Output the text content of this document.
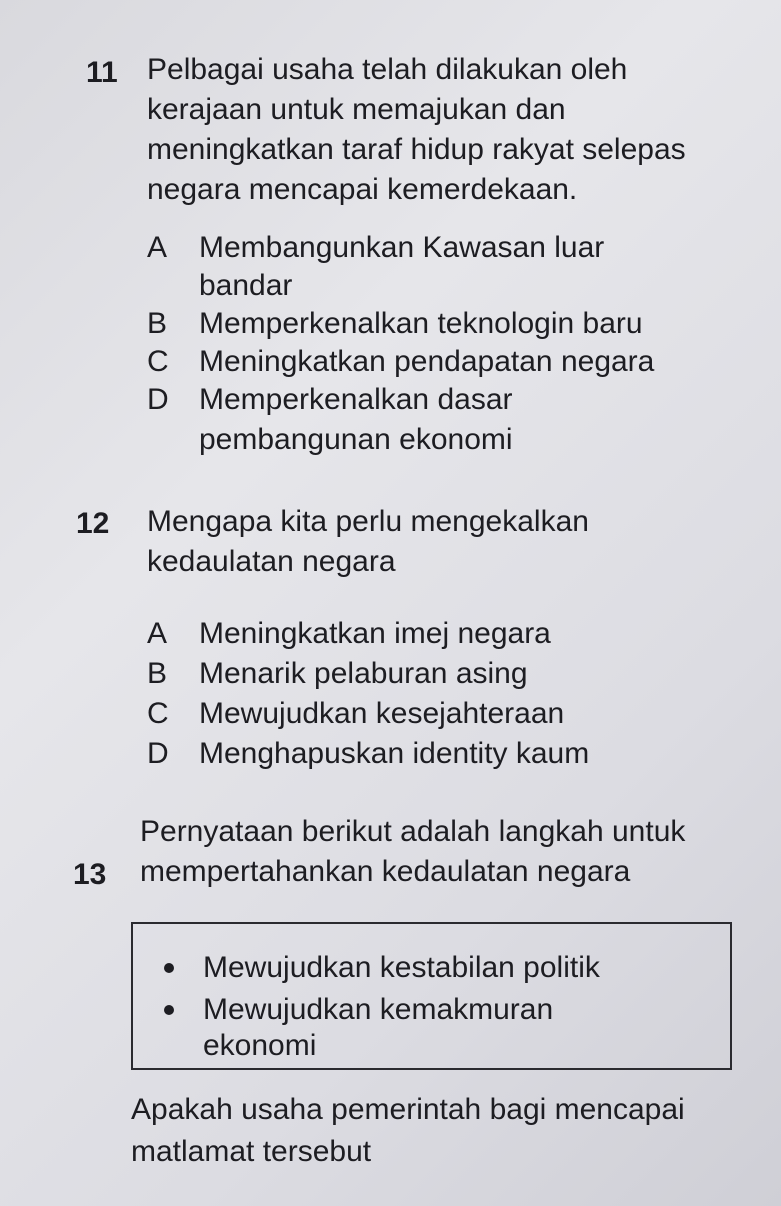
11 Pelbagai usaha telah dilakukan oleh
kerajaan untuk memajukan dan
meningkatkan taraf hidup rakyat selepas
negara mencapai kemerdekaan.
A Membangunkan Kawasan luar
bandar
B Memperkenalkan teknologin baru
C Meningkatkan pendapatan negara
D Memperkenalkan dasar
pembangunan ekonomi
12 Mengapa kita perlu mengekalkan
kedaulatan negara
A Meningkatkan imej negara
B Menarik pelaburan asing
C Mewujudkan kesejahteraan
D Menghapuskan identity kaum
Pernyataan berikut adalah langkah untuk
13 mempertahankan kedaulatan negara
Mewujudkan kestabilan politik
Mewujudkan kemakmuran
ekonomi
Apakah usaha pemerintah bagi mencapai
matlamat tersebut
